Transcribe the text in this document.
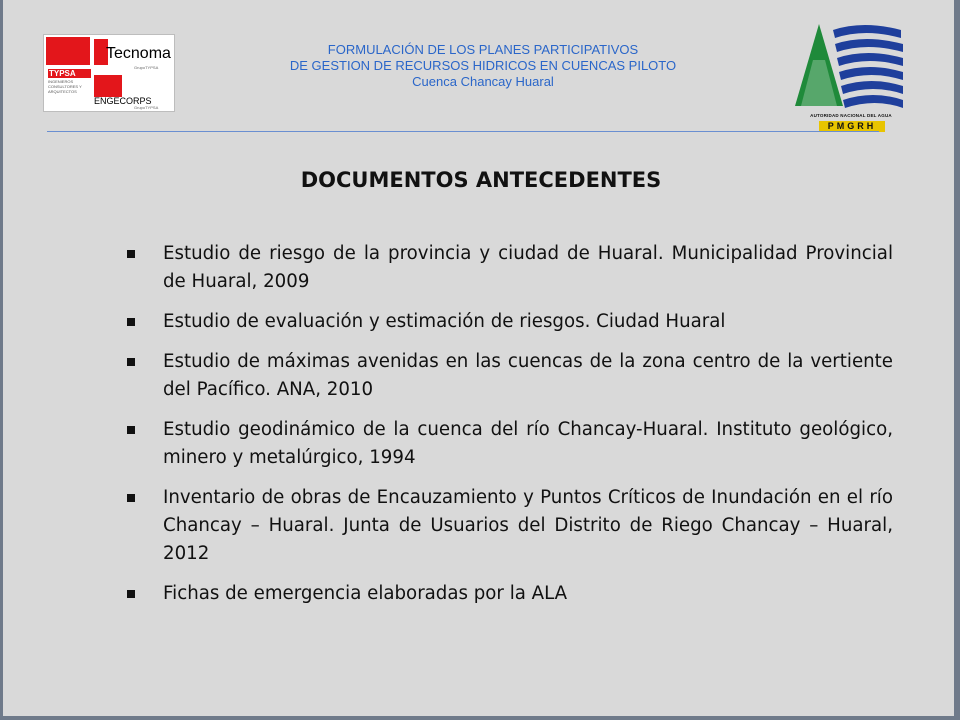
TYPSA
INGENIEROS CONSULTORES Y ARQUITECTOS
Tecnoma
GrupoTYPSA
ENGECORPS
GrupoTYPSA
FORMULACIÓN DE LOS PLANES PARTICIPATIVOS
DE GESTION DE RECURSOS HIDRICOS EN CUENCAS PILOTO
Cuenca Chancay Huaral
AUTORIDAD NACIONAL DEL AGUA
PMGRH
DOCUMENTOS ANTECEDENTES
Estudio de riesgo de la provincia y ciudad de Huaral. Municipalidad Provincial de Huaral, 2009
Estudio de evaluación y estimación de riesgos. Ciudad Huaral
Estudio de máximas avenidas en las cuencas de la zona centro de la vertiente del Pacífico. ANA, 2010
Estudio geodinámico de la cuenca del río Chancay-Huaral. Instituto geológico, minero y metalúrgico, 1994
Inventario de obras de Encauzamiento y Puntos Críticos de Inundación en el río Chancay – Huaral. Junta de Usuarios del Distrito de Riego Chancay – Huaral, 2012
Fichas de emergencia elaboradas por la ALA
